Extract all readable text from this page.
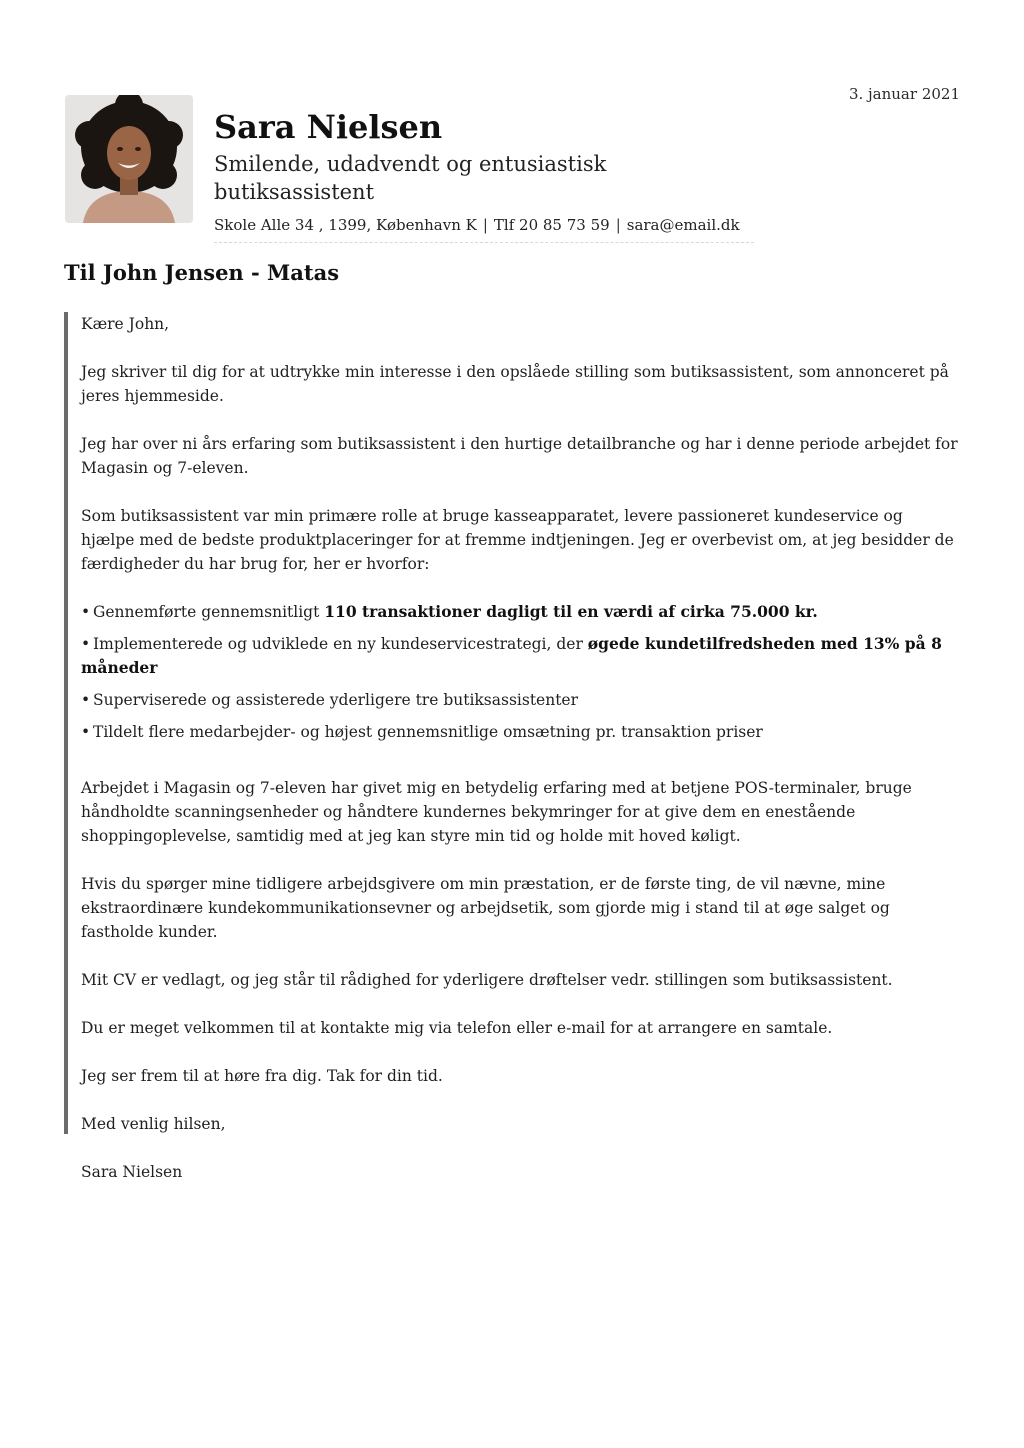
3. januar 2021
Sara Nielsen
Smilende, udadvendt og entusiastisk butiksassistent
Skole Alle 34 , 1399, København K | Tlf 20 85 73 59 | sara@email.dk
Til John Jensen - Matas

Kære John,

Jeg skriver til dig for at udtrykke min interesse i den opslåede stilling som butiksassistent, som annonceret på jeres hjemmeside.

Jeg har over ni års erfaring som butiksassistent i den hurtige detailbranche og har i denne periode arbejdet for Magasin og 7-eleven.

Som butiksassistent var min primære rolle at bruge kasseapparatet, levere passioneret kundeservice og hjælpe med de bedste produktplaceringer for at fremme indtjeningen. Jeg er overbevist om, at jeg besidder de færdigheder du har brug for, her er hvorfor:

• Gennemførte gennemsnitligt 110 transaktioner dagligt til en værdi af cirka 75.000 kr.
• Implementerede og udviklede en ny kundeservicestrategi, der øgede kundetilfredsheden med 13% på 8 måneder
• Superviserede og assisterede yderligere tre butiksassistenter
• Tildelt flere medarbejder- og højest gennemsnitlige omsætning pr. transaktion priser

Arbejdet i Magasin og 7-eleven har givet mig en betydelig erfaring med at betjene POS-terminaler, bruge håndholdte scanningsenheder og håndtere kundernes bekymringer for at give dem en enestående shoppingoplevelse, samtidig med at jeg kan styre min tid og holde mit hoved køligt.

Hvis du spørger mine tidligere arbejdsgivere om min præstation, er de første ting, de vil nævne, mine ekstraordinære kundekommunikationsevner og arbejdsetik, som gjorde mig i stand til at øge salget og fastholde kunder.

Mit CV er vedlagt, og jeg står til rådighed for yderligere drøftelser vedr. stillingen som butiksassistent.

Du er meget velkommen til at kontakte mig via telefon eller e-mail for at arrangere en samtale.

Jeg ser frem til at høre fra dig. Tak for din tid.

Med venlig hilsen,

Sara Nielsen
